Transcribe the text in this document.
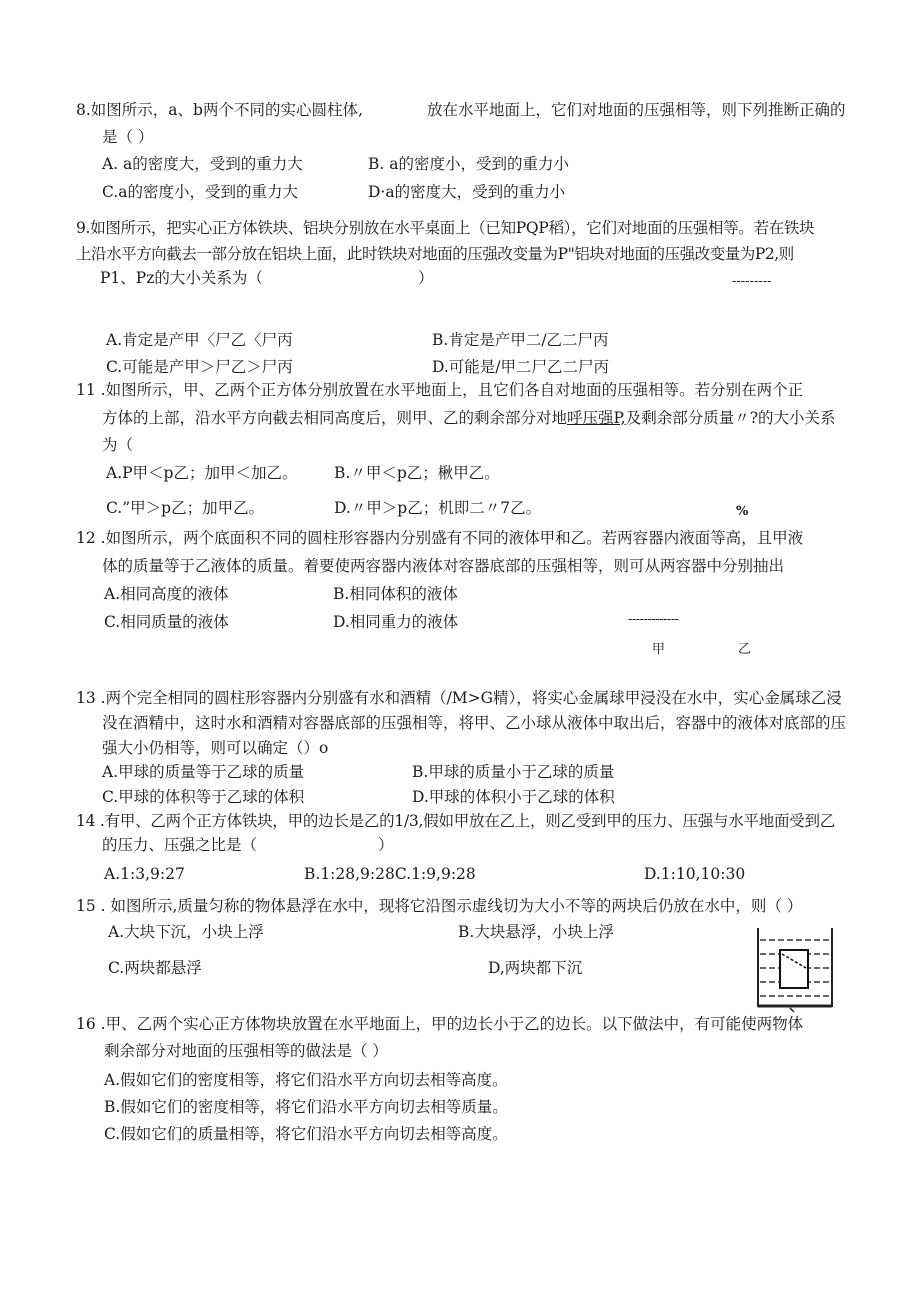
8.如图所示，a、b两个不同的实心圆柱体,	放在水平地面上，它们对地面的压强相等，则下列推断正确的
是（ ）
A. a的密度大，受到的重力大	B. a的密度小，受到的重力小
C.a的密度小，受到的重力大	D·a的密度大，受到的重力小
9.如图所示，把实心正方体铁块、铝块分别放在水平桌面上（已知PQP稻），它们对地面的压强相等。若在铁块
上沿水平方向截去一部分放在铝块上面，此时铁块对地面的压强改变量为P"铝块对地面的压强改变量为P2,则
P1、Pz的大小关系为（	）	---------
A.肯定是产甲〈尸乙〈尸丙	B.肯定是产甲二/乙二尸丙
C.可能是产甲＞尸乙＞尸丙	D.可能是/甲二尸乙二尸丙
11 .如图所示，甲、乙两个正方体分别放置在水平地面上，且它们各自对地面的压强相等。若分别在两个正
方体的上部，沿水平方向截去相同高度后，则甲、乙的剩余部分对地呼压强P,及剩余部分质量〃?的大小关系
为（
A.P甲＜p乙；加甲＜加乙。 B.〃甲＜p乙；楸甲乙。
C.”甲＞p乙；加甲乙。	D.〃甲＞p乙；机即二〃7乙。	%
12 .如图所示，两个底面积不同的圆柱形容器内分别盛有不同的液体甲和乙。若两容器内液面等高，且甲液
体的质量等于乙液体的质量。着要使两容器内液体对容器底部的压强相等，则可从两容器中分别抽出
A.相同高度的液体	B.相同体积的液体
C.相同质量的液体	D.相同重力的液体	-------------
甲	乙
13 .两个完全相同的圆柱形容器内分别盛有水和酒精（/M>G精），将实心金属球甲浸没在水中，实心金属球乙浸
没在酒精中，这时水和酒精对容器底部的压强相等，将甲、乙小球从液体中取出后，容器中的液体对底部的压
强大小仍相等，则可以确定（）o
A.甲球的质量等于乙球的质量	B.甲球的质量小于乙球的质量
C.甲球的体积等于乙球的体积	D.甲球的体积小于乙球的体积
14 .有甲、乙两个正方体铁块，甲的边长是乙的1/3,假如甲放在乙上，则乙受到甲的压力、压强与水平地面受到乙
的压力、压强之比是（	）
A.1:3,9:27	B.1:28,9:28C.1:9,9:28	D.1:10,10:30
15 . 如图所示,质量匀称的物体悬浮在水中，现将它沿图示虚线切为大小不等的两块后仍放在水中，则（ ）
A.大块下沉，小块上浮	B.大块悬浮，小块上浮
C.两块都悬浮	D,两块都下沉
16 .甲、乙两个实心正方体物块放置在水平地面上，甲的边长小于乙的边长。以下做法中，有可能使两物体
剩余部分对地面的压强相等的做法是（ ）
A.假如它们的密度相等，将它们沿水平方向切去相等高度。
B.假如它们的密度相等，将它们沿水平方向切去相等质量。
C.假如它们的质量相等，将它们沿水平方向切去相等高度。
